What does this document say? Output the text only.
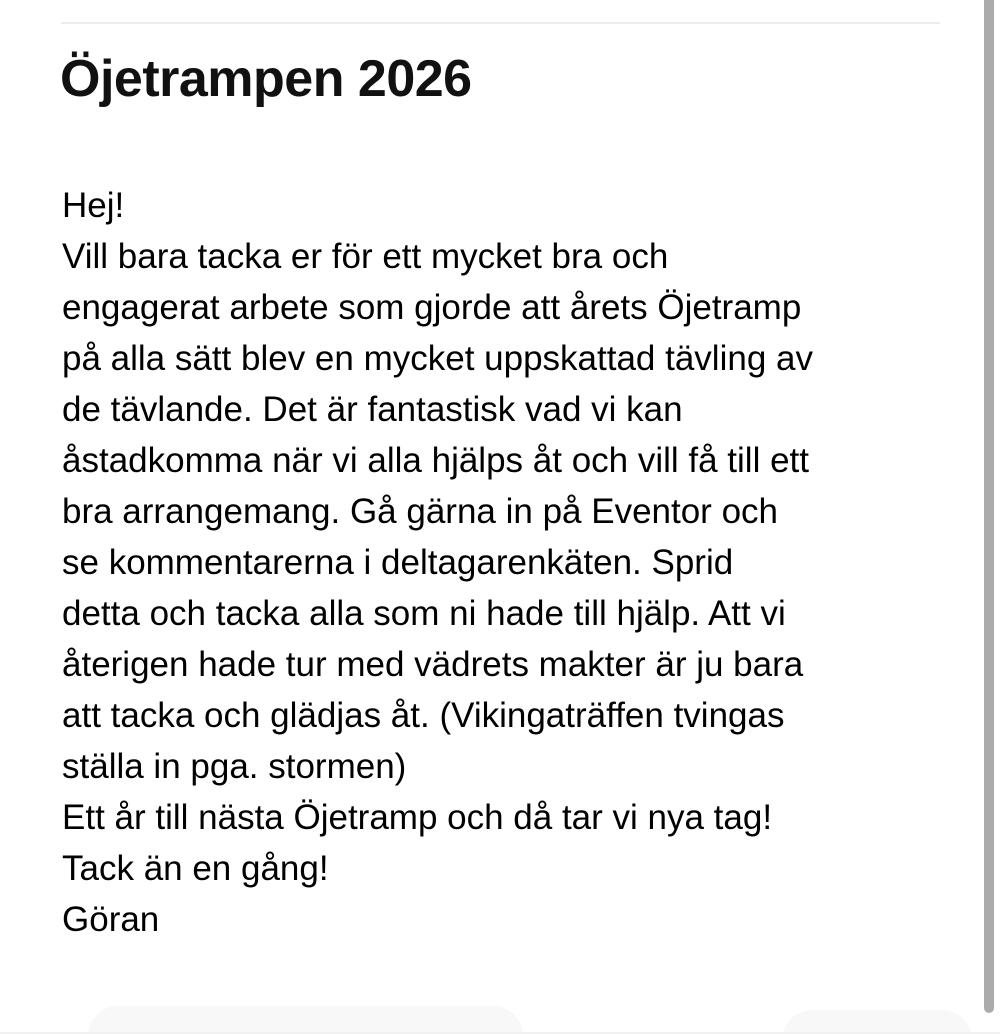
Öjetrampen 2026
Hej!
Vill bara tacka er för ett mycket bra och
engagerat arbete som gjorde att årets Öjetramp
på alla sätt blev en mycket uppskattad tävling av
de tävlande. Det är fantastisk vad vi kan
åstadkomma när vi alla hjälps åt och vill få till ett
bra arrangemang. Gå gärna in på Eventor och
se kommentarerna i deltagarenkäten. Sprid
detta och tacka alla som ni hade till hjälp. Att vi
återigen hade tur med vädrets makter är ju bara
att tacka och glädjas åt. (Vikingaträffen tvingas
ställa in pga. stormen)
Ett år till nästa Öjetramp och då tar vi nya tag!
Tack än en gång!
Göran
